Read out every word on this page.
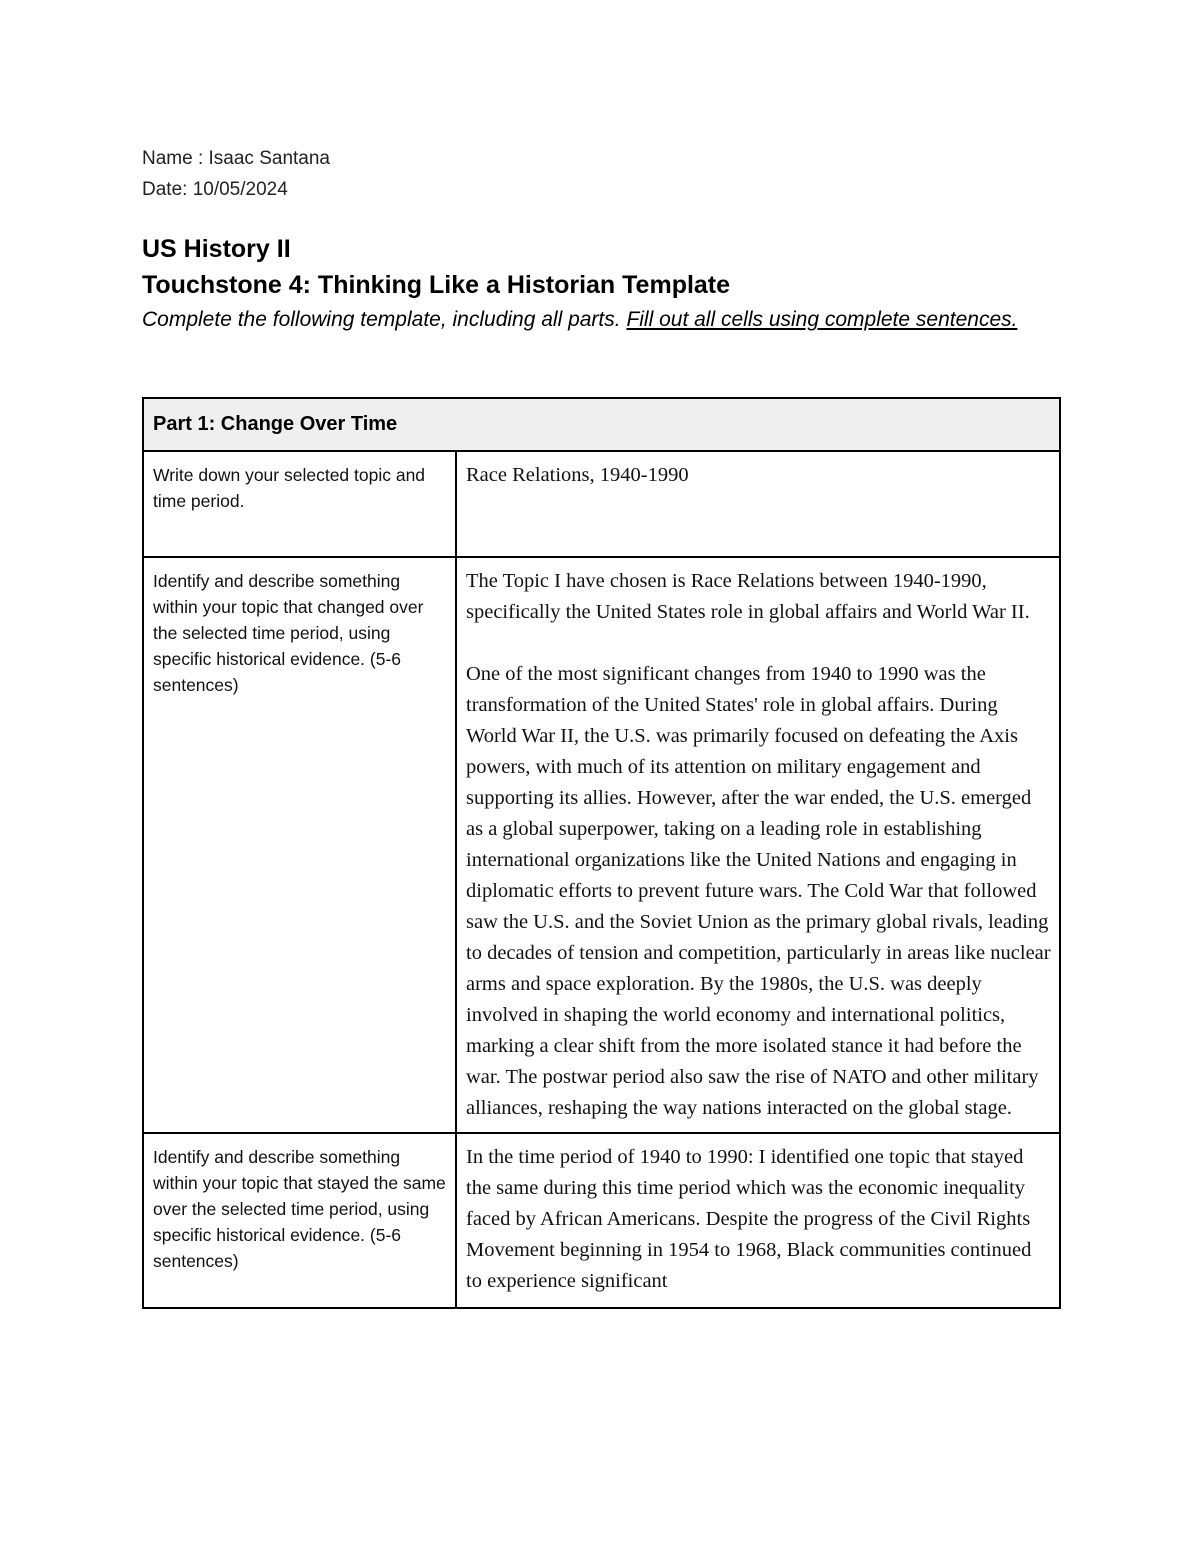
Name : Isaac Santana
Date: 10/05/2024
US History II
Touchstone 4: Thinking Like a Historian Template
Complete the following template, including all parts. Fill out all cells using complete sentences.
Part 1: Change Over Time	
Write down your selected topic and time period.	Race Relations, 1940-1990

Identify and describe something within your topic that changed over the selected time period, using specific historical evidence. (5-6 sentences)	The Topic I have chosen is Race Relations between 1940-1990, specifically the United States role in global affairs and World War II.

One of the most significant changes from 1940 to 1990 was the transformation of the United States' role in global affairs. During World War II, the U.S. was primarily focused on defeating the Axis powers, with much of its attention on military engagement and supporting its allies. However, after the war ended, the U.S. emerged as a global superpower, taking on a leading role in establishing international organizations like the United Nations and engaging in diplomatic efforts to prevent future wars. The Cold War that followed saw the U.S. and the Soviet Union as the primary global rivals, leading to decades of tension and competition, particularly in areas like nuclear arms and space exploration. By the 1980s, the U.S. was deeply involved in shaping the world economy and international politics, marking a clear shift from the more isolated stance it had before the war. The postwar period also saw the rise of NATO and other military alliances, reshaping the way nations interacted on the global stage.

Identify and describe something within your topic that stayed the same over the selected time period, using specific historical evidence. (5-6 sentences)	In the time period of 1940 to 1990: I identified one topic that stayed the same during this time period which was the economic inequality faced by African Americans. Despite the progress of the Civil Rights Movement beginning in 1954 to 1968, Black communities continued to experience significant
